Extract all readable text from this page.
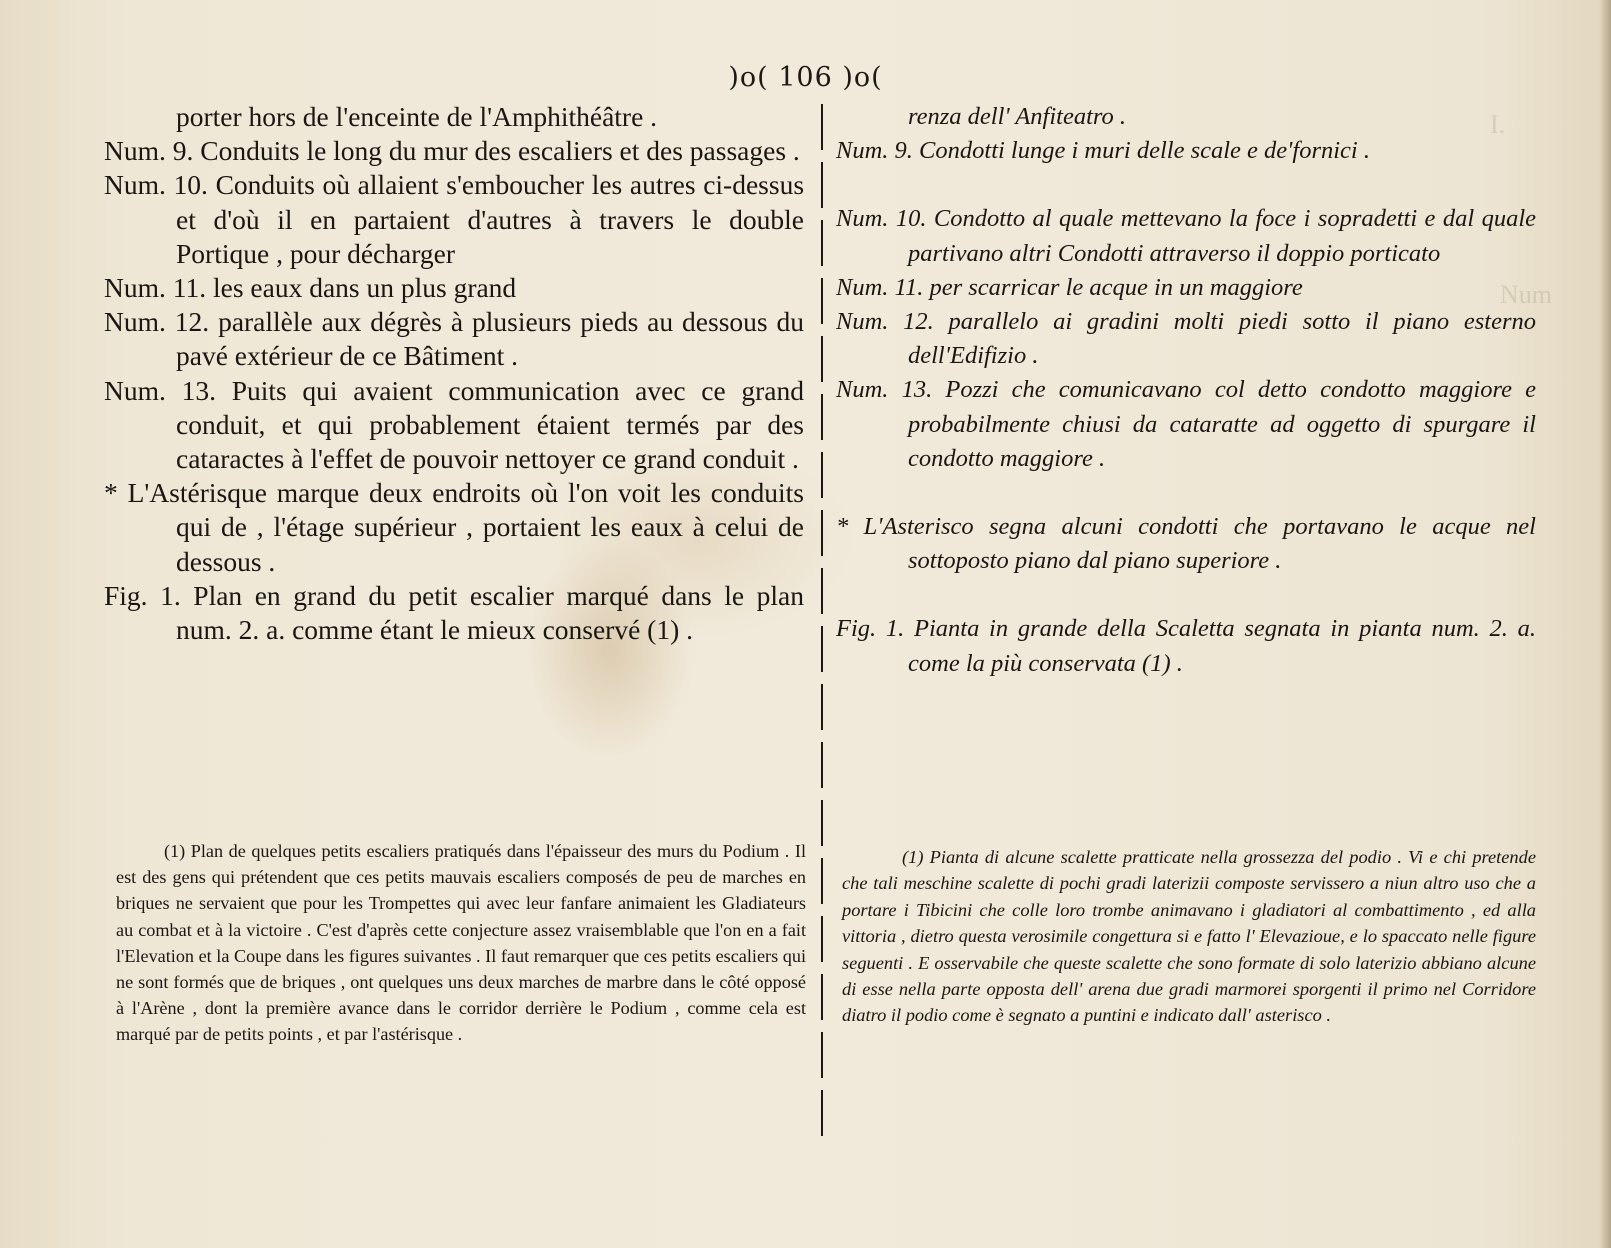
I.
Num
)o( 106 )o(
porter hors de l'enceinte de l'Amphithéâtre .
Num. 9. Conduits le long du mur des escaliers et des passages .
Num. 10. Conduits où allaient s'emboucher les autres ci-dessus et d'où il en partaient d'autres à travers le double Portique , pour décharger
Num. 11. les eaux dans un plus grand
Num. 12. parallèle aux dégrès à plusieurs pieds au dessous du pavé extérieur de ce Bâtiment .
Num. 13. Puits qui avaient communication avec ce grand conduit, et qui probablement étaient termés par des cataractes à l'effet de pouvoir nettoyer ce grand conduit .
* L'Astérisque marque deux endroits où l'on voit les conduits qui de , l'étage supérieur , portaient les eaux à celui de dessous .
Fig. 1. Plan en grand du petit escalier marqué dans le plan num. 2. a. comme étant le mieux conservé (1) .
renza dell' Anfiteatro .
Num. 9. Condotti lunge i muri delle scale e de'fornici .
Num. 10. Condotto al quale mettevano la foce i sopradetti e dal quale partivano altri Condotti attraverso il doppio porticato
Num. 11. per scarricar le acque in un maggiore
Num. 12. parallelo ai gradini molti piedi sotto il piano esterno dell'Edifizio .
Num. 13. Pozzi che comunicavano col detto condotto maggiore e probabilmente chiusi da cataratte ad oggetto di spurgare il condotto maggiore .
* L'Asterisco segna alcuni condotti che portavano le acque nel sottoposto piano dal piano superiore .
Fig. 1. Pianta in grande della Scaletta segnata in pianta num. 2. a. come la più conservata (1) .
(1) Plan de quelques petits escaliers pratiqués dans l'épaisseur des murs du Podium . Il est des gens qui prétendent que ces petits mauvais escaliers composés de peu de marches en briques ne servaient que pour les Trompettes qui avec leur fanfare animaient les Gladiateurs au combat et à la victoire . C'est d'après cette conjecture assez vraisemblable que l'on en a fait l'Elevation et la Coupe dans les figures suivantes . Il faut remarquer que ces petits escaliers qui ne sont formés que de briques , ont quelques uns deux marches de marbre dans le côté opposé à l'Arène , dont la première avance dans le corridor derrière le Podium , comme cela est marqué par de petits points , et par l'astérisque .
(1) Pianta di alcune scalette pratticate nella grossezza del podio . Vi e chi pretende che tali meschine scalette di pochi gradi laterizii composte servissero a niun altro uso che a portare i Tibicini che colle loro trombe animavano i gladiatori al combattimento , ed alla vittoria , dietro questa verosimile congettura si e fatto l' Elevazioue, e lo spaccato nelle figure seguenti . E osservabile che queste scalette che sono formate di solo laterizio abbiano alcune di esse nella parte opposta dell' arena due gradi marmorei sporgenti il primo nel Corridore diatro il podio come è segnato a puntini e indicato dall' asterisco .
